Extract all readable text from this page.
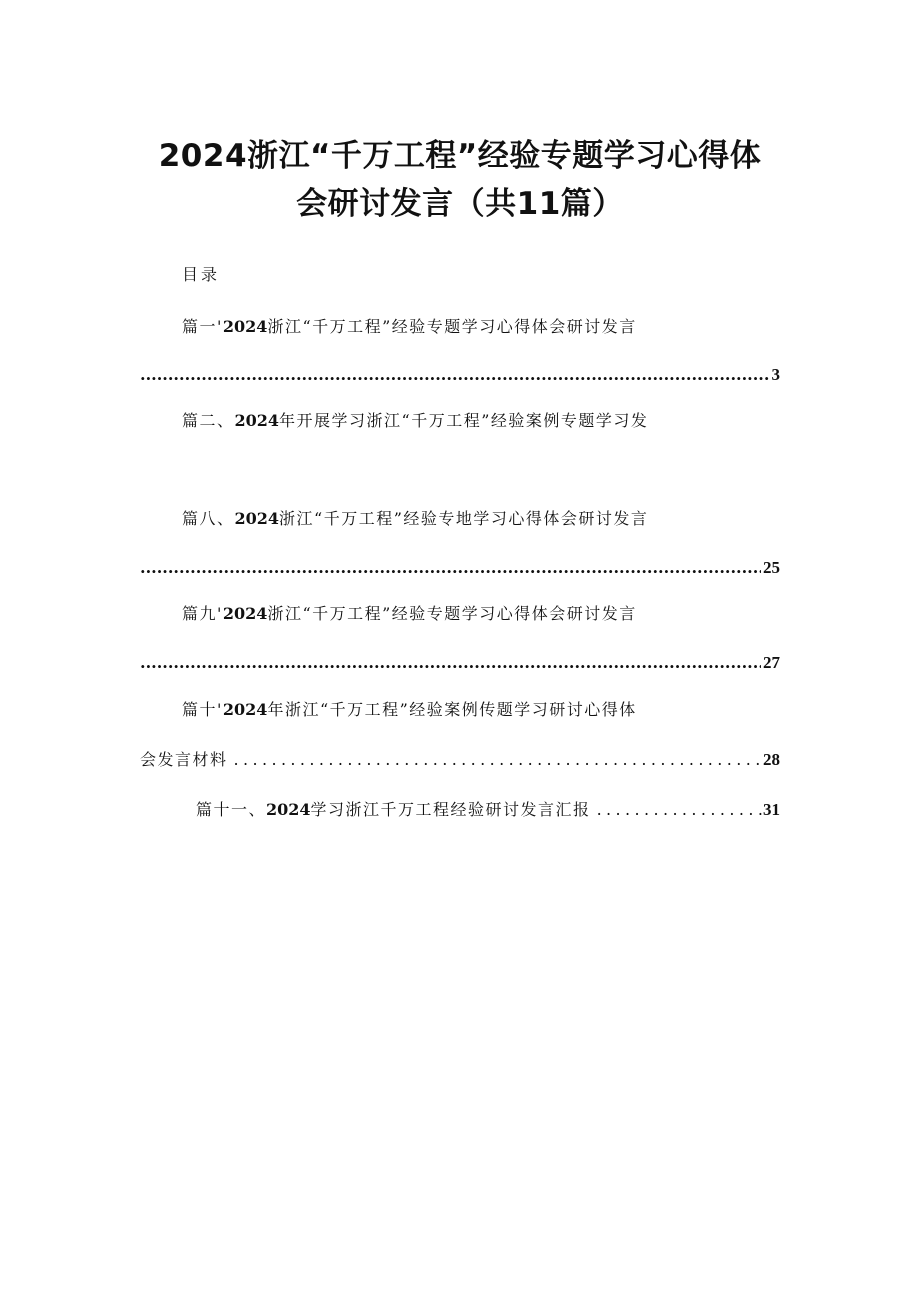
2024浙江“千万工程”经验专题学习心得体
会研讨发言（共11篇）
目录
篇一'2024浙江“千万工程”经验专题学习心得体会研讨发言
.....
3
篇二、2024年开展学习浙江“千万工程”经验案例专题学习发
篇八、2024浙江“千万工程”经验专地学习心得体会研讨发言
.....
25
篇九'2024浙江“千万工程”经验专题学习心得体会研讨发言
.....
27
篇十'2024年浙江“千万工程”经验案例传题学习研讨心得体
会发言材料 .....	28
篇十一、2024学习浙江千万工程经验研讨发言汇报 .....	31
